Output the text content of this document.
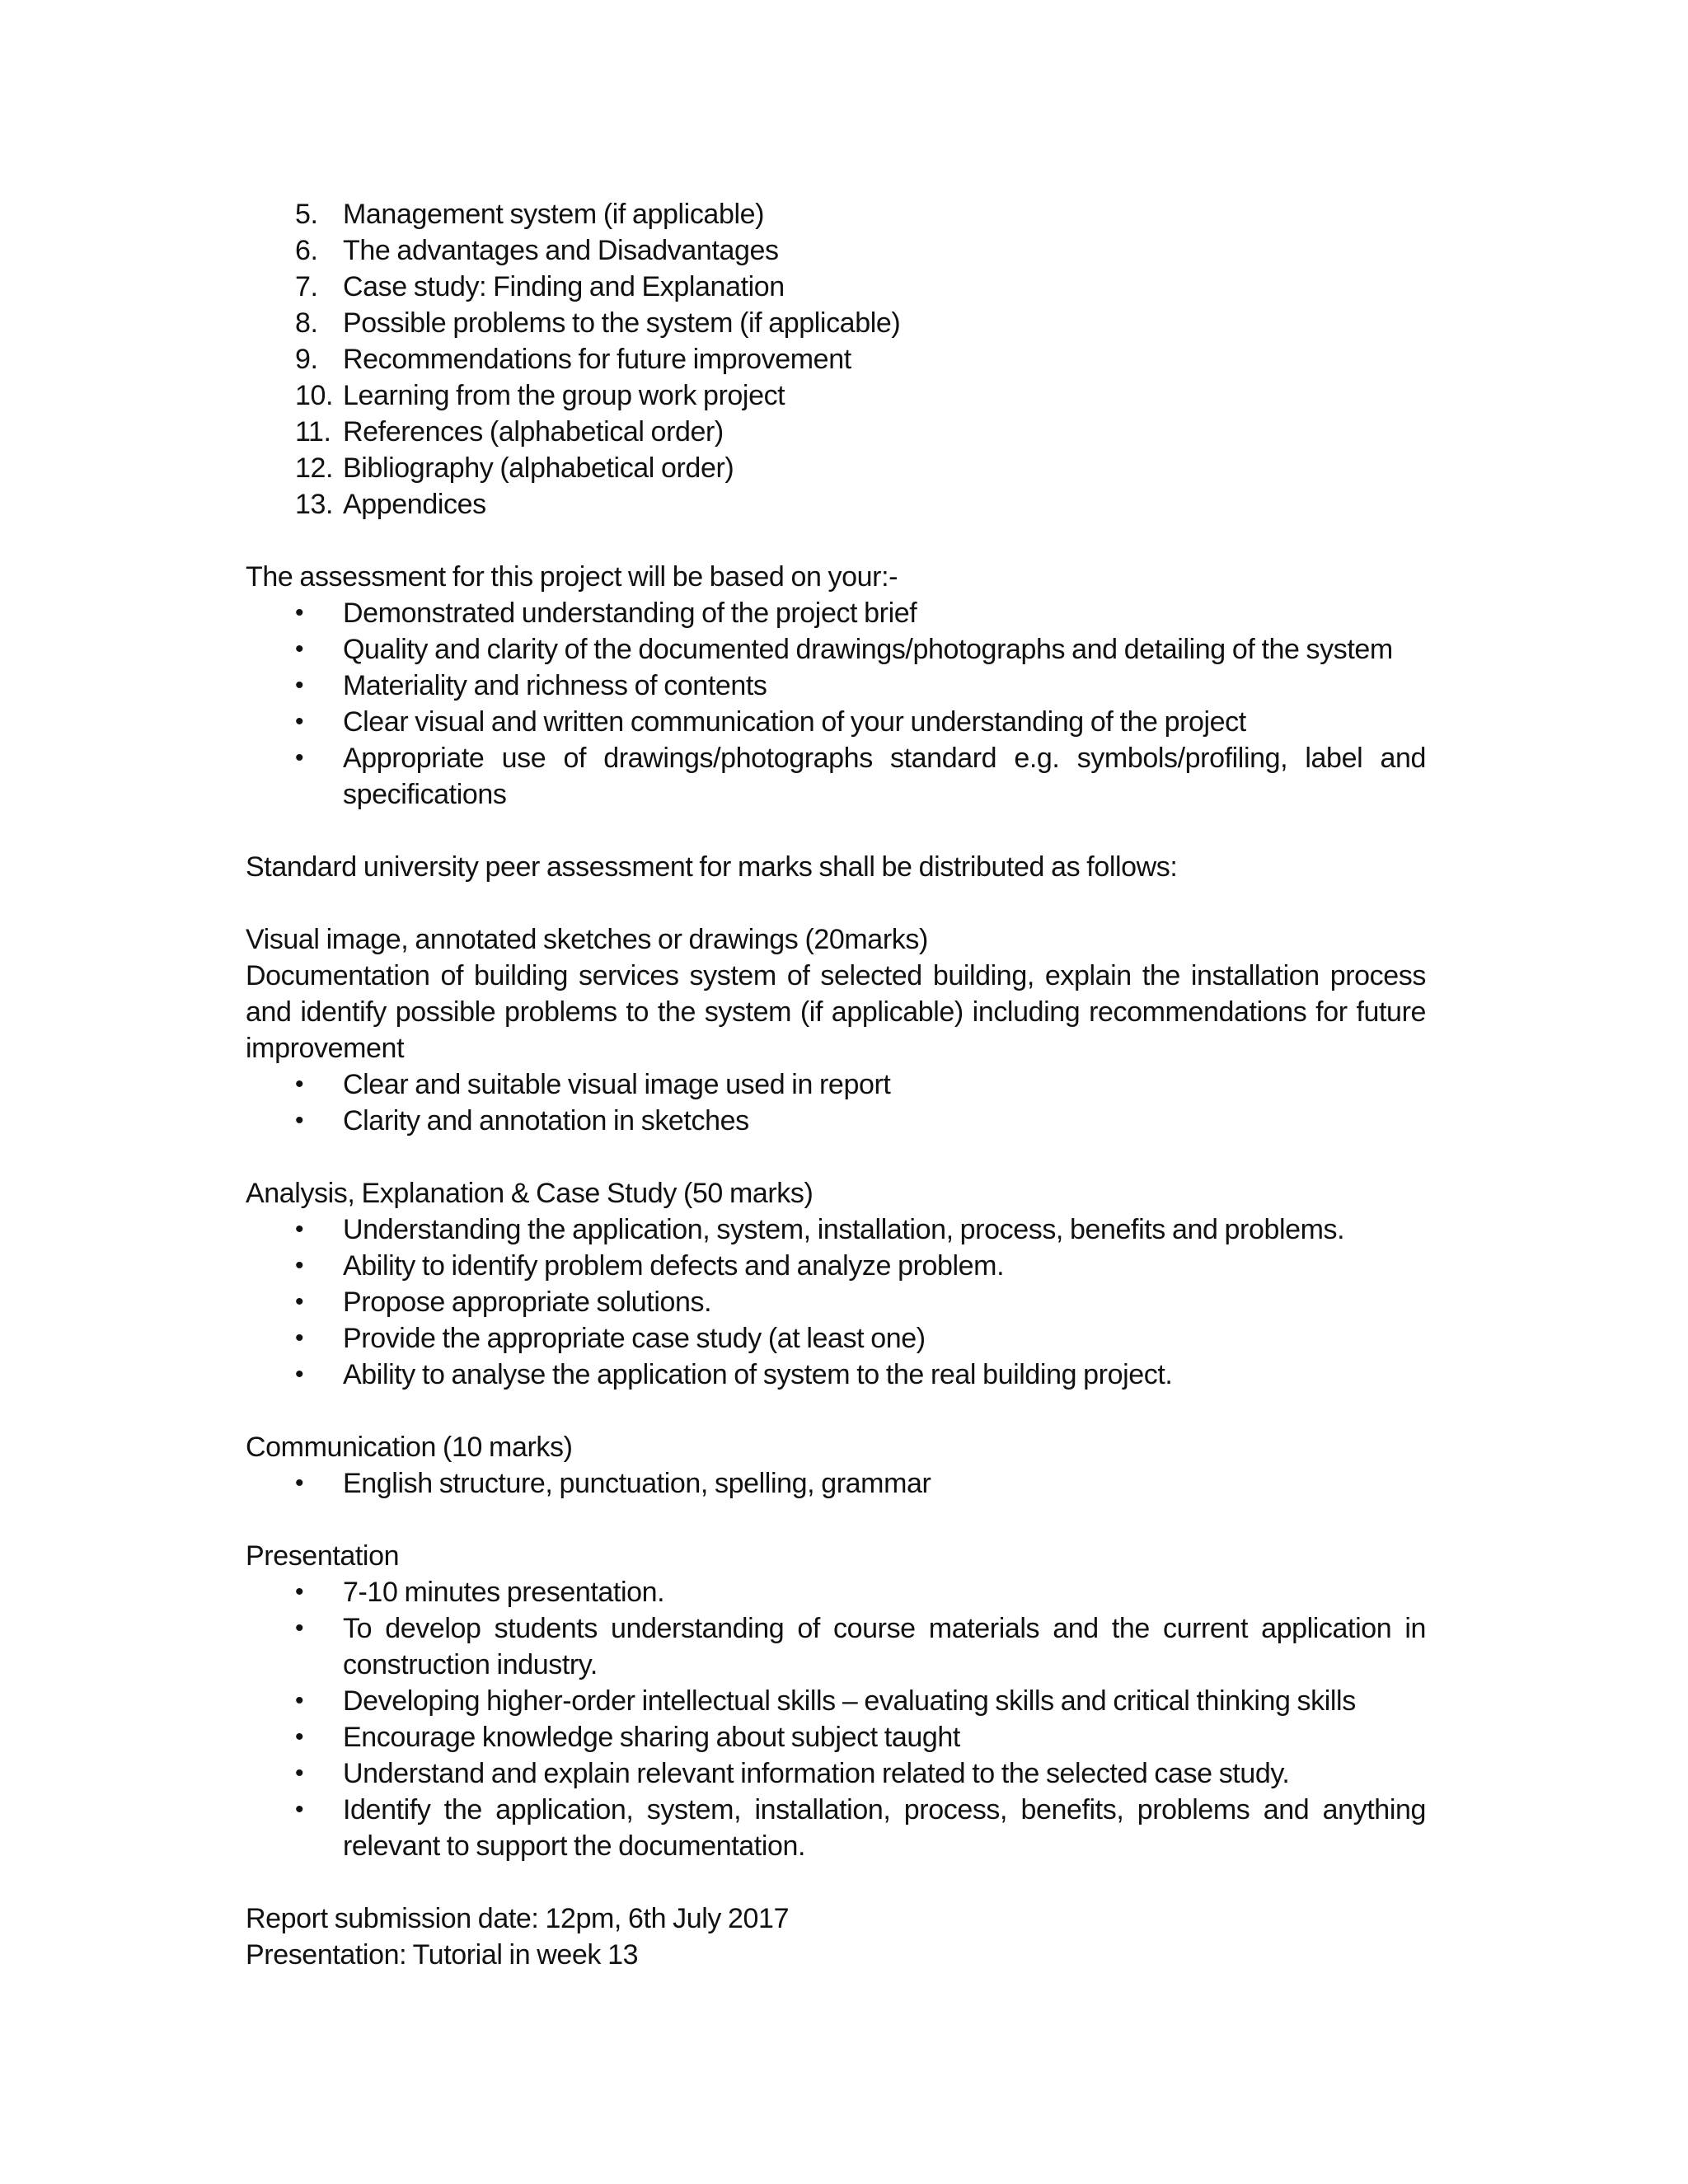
5. Management system (if applicable)
6. The advantages and Disadvantages
7. Case study: Finding and Explanation
8. Possible problems to the system (if applicable)
9. Recommendations for future improvement
10. Learning from the group work project
11. References (alphabetical order)
12. Bibliography (alphabetical order)
13. Appendices

The assessment for this project will be based on your:-

•	Demonstrated understanding of the project brief
•	Quality and clarity of the documented drawings/photographs and detailing of the system
•	Materiality and richness of contents
•	Clear visual and written communication of your understanding of the project
•	Appropriate use of drawings/photographs standard e.g. symbols/profiling, label and specifications

Standard university peer assessment for marks shall be distributed as follows:

Visual image, annotated sketches or drawings (20marks)

Documentation of building services system of selected building, explain the installation process and identify possible problems to the system (if applicable) including recommendations for future improvement

•	Clear and suitable visual image used in report
•	Clarity and annotation in sketches

Analysis, Explanation & Case Study (50 marks)

•	Understanding the application, system, installation, process, benefits and problems.
•	Ability to identify problem defects and analyze problem.
•	Propose appropriate solutions.
•	Provide the appropriate case study (at least one)
•	Ability to analyse the application of system to the real building project.

Communication (10 marks)

•	English structure, punctuation, spelling, grammar

Presentation

•	7-10 minutes presentation.
•	To develop students understanding of course materials and the current application in construction industry.
•	Developing higher-order intellectual skills – evaluating skills and critical thinking skills
•	Encourage knowledge sharing about subject taught
•	Understand and explain relevant information related to the selected case study.
•	Identify the application, system, installation, process, benefits, problems and anything relevant to support the documentation.

Report submission date: 12pm, 6th July 2017

Presentation: Tutorial in week 13
